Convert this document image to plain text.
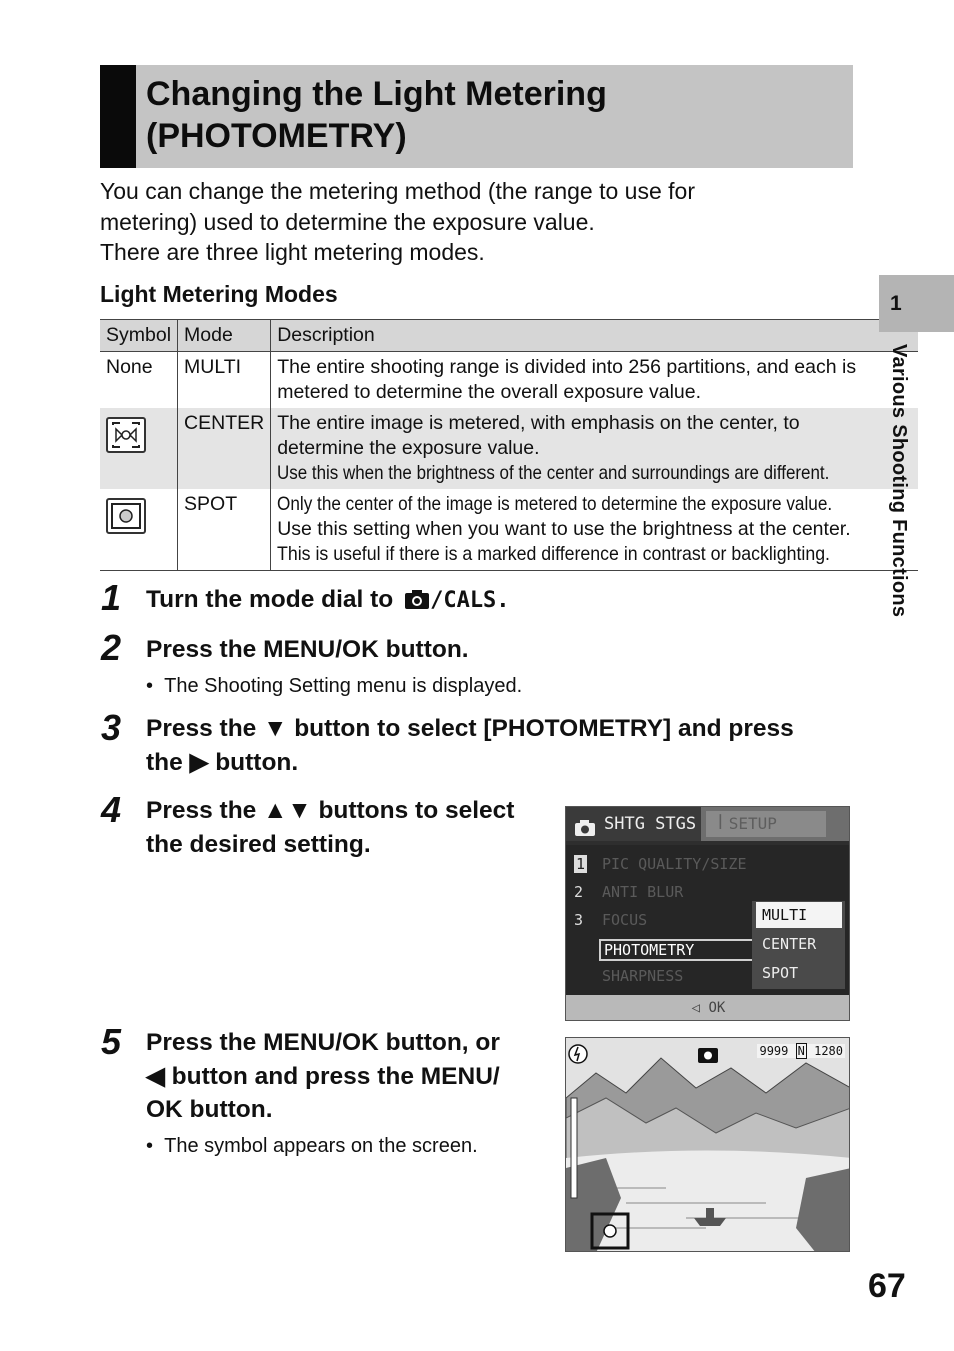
Changing the Light Metering
(PHOTOMETRY)
You can change the metering method (the range to use for
metering) used to determine the exposure value.
There are three light metering modes.
Light Metering Modes
Symbol	Mode	Description
None	MULTI	The entire shooting range is divided into 256 partitions, and each is
metered to determine the overall exposure value.

	CENTER	The entire image is metered, with emphasis on the center, to
determine the exposure value.
Use this when the brightness of the center and surroundings are different.

	SPOT	Only the center of the image is metered to determine the exposure value.
Use this setting when you want to use the brightness at the center.
This is useful if there is a marked difference in contrast or backlighting.
1 Turn the mode dial to /CALS.
2 Press the MENU/OK button.
•  The Shooting Setting menu is displayed.
3 Press the ▼ button to select [PHOTOMETRY] and press
the ▶ button.
4 Press the ▲▼ buttons to select
the desired setting.
5 Press the MENU/OK button, or
◀ button and press the MENU/
OK button.
•  The symbol appears on the screen.
SHTG STGS	ꟾ SETUP
1
2
3
PIC QUALITY/SIZE
ANTI BLUR
FOCUS
PHOTOMETRY
SHARPNESS
MULTI
CENTER
SPOT
◁ OK
9999 N 1280
1
Various Shooting Functions
67
